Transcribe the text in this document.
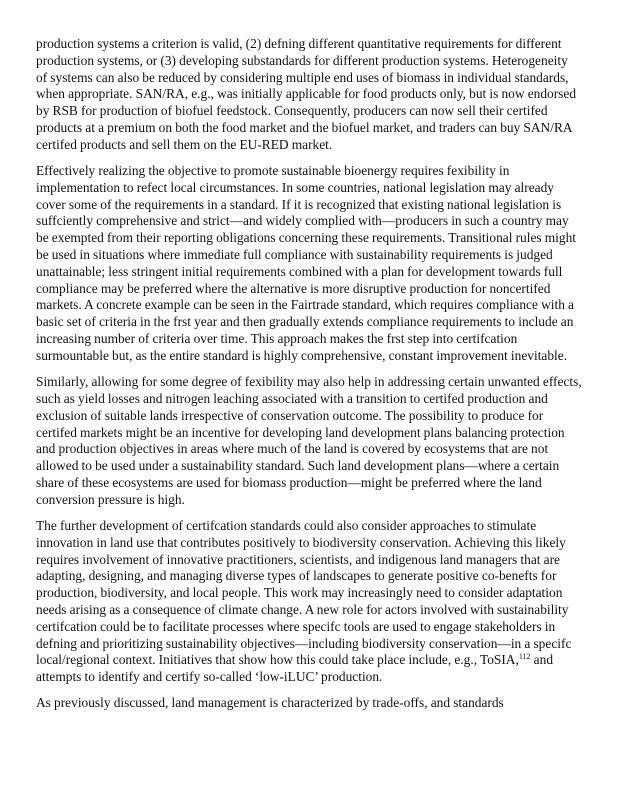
production systems a criterion is valid, (2) defning different quantitative requirements for different production systems, or (3) developing substandards for different production systems. Heterogeneity of systems can also be reduced by considering multiple end uses of biomass in individual standards, when appropriate. SAN/RA, e.g., was initially applicable for food products only, but is now endorsed by RSB for production of biofuel feedstock. Consequently, producers can now sell their certifed products at a premium on both the food market and the biofuel market, and traders can buy SAN/RA certifed products and sell them on the EU-RED market.

Effectively realizing the objective to promote sustainable bioenergy requires fexibility in implementation to refect local circumstances. In some countries, national legislation may already cover some of the requirements in a standard. If it is recognized that existing national legislation is suffciently comprehensive and strict—and widely complied with—producers in such a country may be exempted from their reporting obligations concerning these requirements. Transitional rules might be used in situations where immediate full compliance with sustainability requirements is judged unattainable; less stringent initial requirements combined with a plan for development towards full compliance may be preferred where the alternative is more disruptive production for noncertifed markets. A concrete example can be seen in the Fairtrade standard, which requires compliance with a basic set of criteria in the frst year and then gradually extends compliance requirements to include an increasing number of criteria over time. This approach makes the frst step into certifcation surmountable but, as the entire standard is highly comprehensive, constant improvement inevitable.

Similarly, allowing for some degree of fexibility may also help in addressing certain unwanted effects, such as yield losses and nitrogen leaching associated with a transition to certifed production and exclusion of suitable lands irrespective of conservation outcome. The possibility to produce for certifed markets might be an incentive for developing land development plans balancing protection and production objectives in areas where much of the land is covered by ecosystems that are not allowed to be used under a sustainability standard. Such land development plans—where a certain share of these ecosystems are used for biomass production—might be preferred where the land conversion pressure is high.

The further development of certifcation standards could also consider approaches to stimulate innovation in land use that contributes positively to biodiversity conservation. Achieving this likely requires involvement of innovative practitioners, scientists, and indigenous land managers that are adapting, designing, and managing diverse types of landscapes to generate positive co-benefts for production, biodiversity, and local people. This work may increasingly need to consider adaptation needs arising as a consequence of climate change. A new role for actors involved with sustainability certifcation could be to facilitate processes where specifc tools are used to engage stakeholders in defning and prioritizing sustainability objectives—including biodiversity conservation—in a specifc local/regional context. Initiatives that show how this could take place include, e.g., ToSIA,$^{112}$ and attempts to identify and certify so-called ‘low-iLUC’ production.

As previously discussed, land management is characterized by trade-offs, and standards
